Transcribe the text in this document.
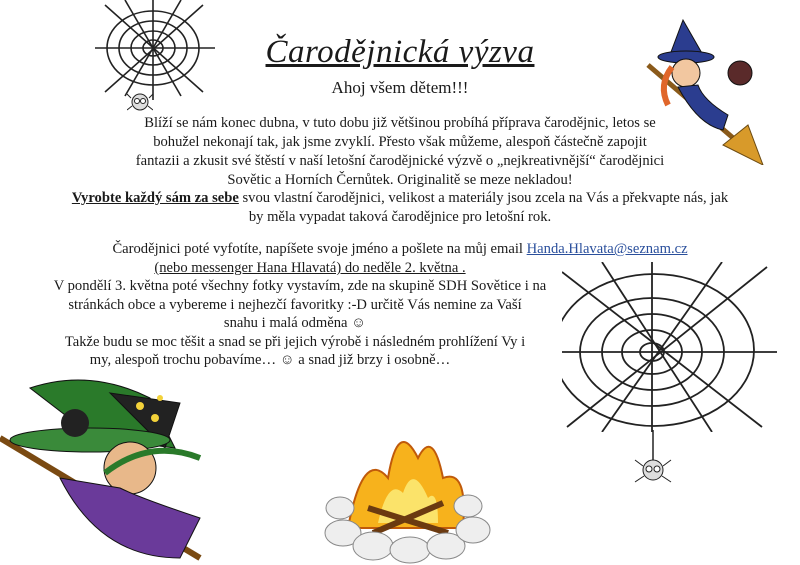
Čarodějnická výzva
Ahoj všem dětem!!!
Blíží se nám konec dubna, v tuto dobu již většinou probíhá příprava čarodějnic, letos se
bohužel nekonají tak, jak jsme zvyklí. Přesto však můžeme, alespoň částečně zapojit
fantazii a zkusit své štěstí v naší letošní čarodějnické výzvě o „nejkreativnější“ čarodějnici
Sovětic a Horních Černůtek. Originalitě se meze nekladou!
Vyrobte každý sám za sebe svou vlastní čarodějnici, velikost a materiály jsou zcela na Vás a překvapte nás, jak
by měla vypadat taková čarodějnice pro letošní rok.
Čarodějnici poté vyfotíte, napíšete svoje jméno a pošlete na můj email Handa.Hlavata@seznam.cz
(nebo messenger Hana Hlavatá) do neděle 2. května .
V pondělí 3. května poté všechny fotky vystavím, zde na skupině SDH Sovětice i na
stránkách obce a vybereme i nejhezčí favoritky :-D určitě Vás nemine za Vaší
snahu i malá odměna ☺
Takže budu se moc těšit a snad se při jejich výrobě i následném prohlížení Vy i
my, alespoň trochu pobavíme… ☺ a snad již brzy i osobně…
